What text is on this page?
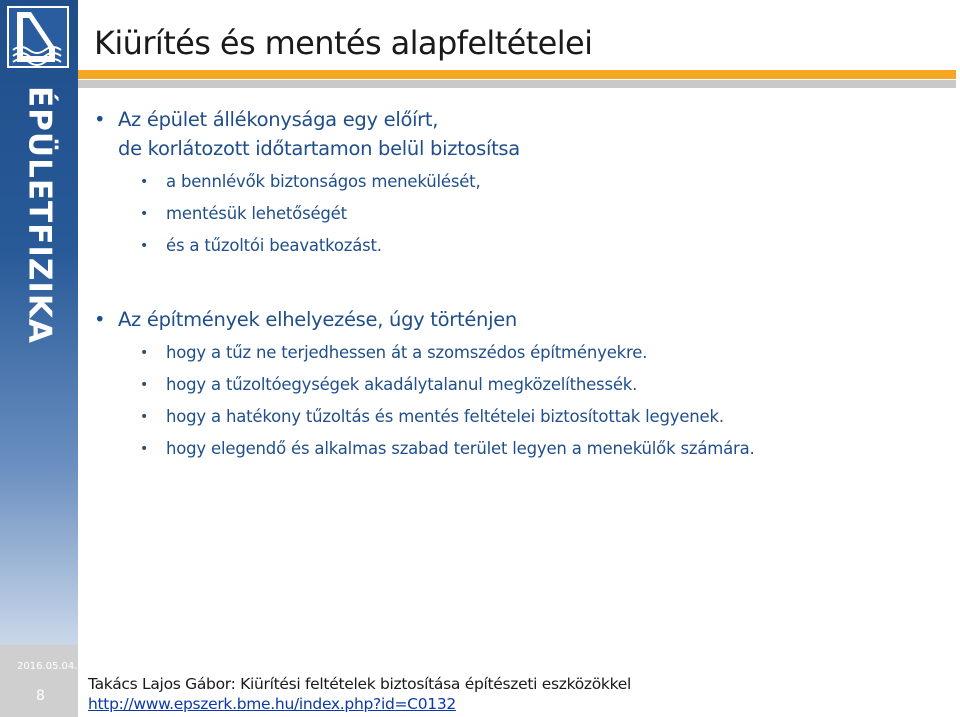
ÉPÜLETFIZIKA
Kiürítés és mentés alapfeltételei
• Az épület állékonysága egy előírt,
de korlátozott időtartamon belül biztosítsa
• a bennlévők biztonságos menekülését,
• mentésük lehetőségét
• és a tűzoltói beavatkozást.
• Az építmények elhelyezése, úgy történjen
• hogy a tűz ne terjedhessen át a szomszédos építményekre.
• hogy a tűzoltóegységek akadálytalanul megközelíthessék.
• hogy a hatékony tűzoltás és mentés feltételei biztosítottak legyenek.
• hogy elegendő és alkalmas szabad terület legyen a menekülők számára.
2016.05.04.
8
Takács Lajos Gábor: Kiürítési feltételek biztosítása építészeti eszközökkel
http://www.epszerk.bme.hu/index.php?id=C0132
